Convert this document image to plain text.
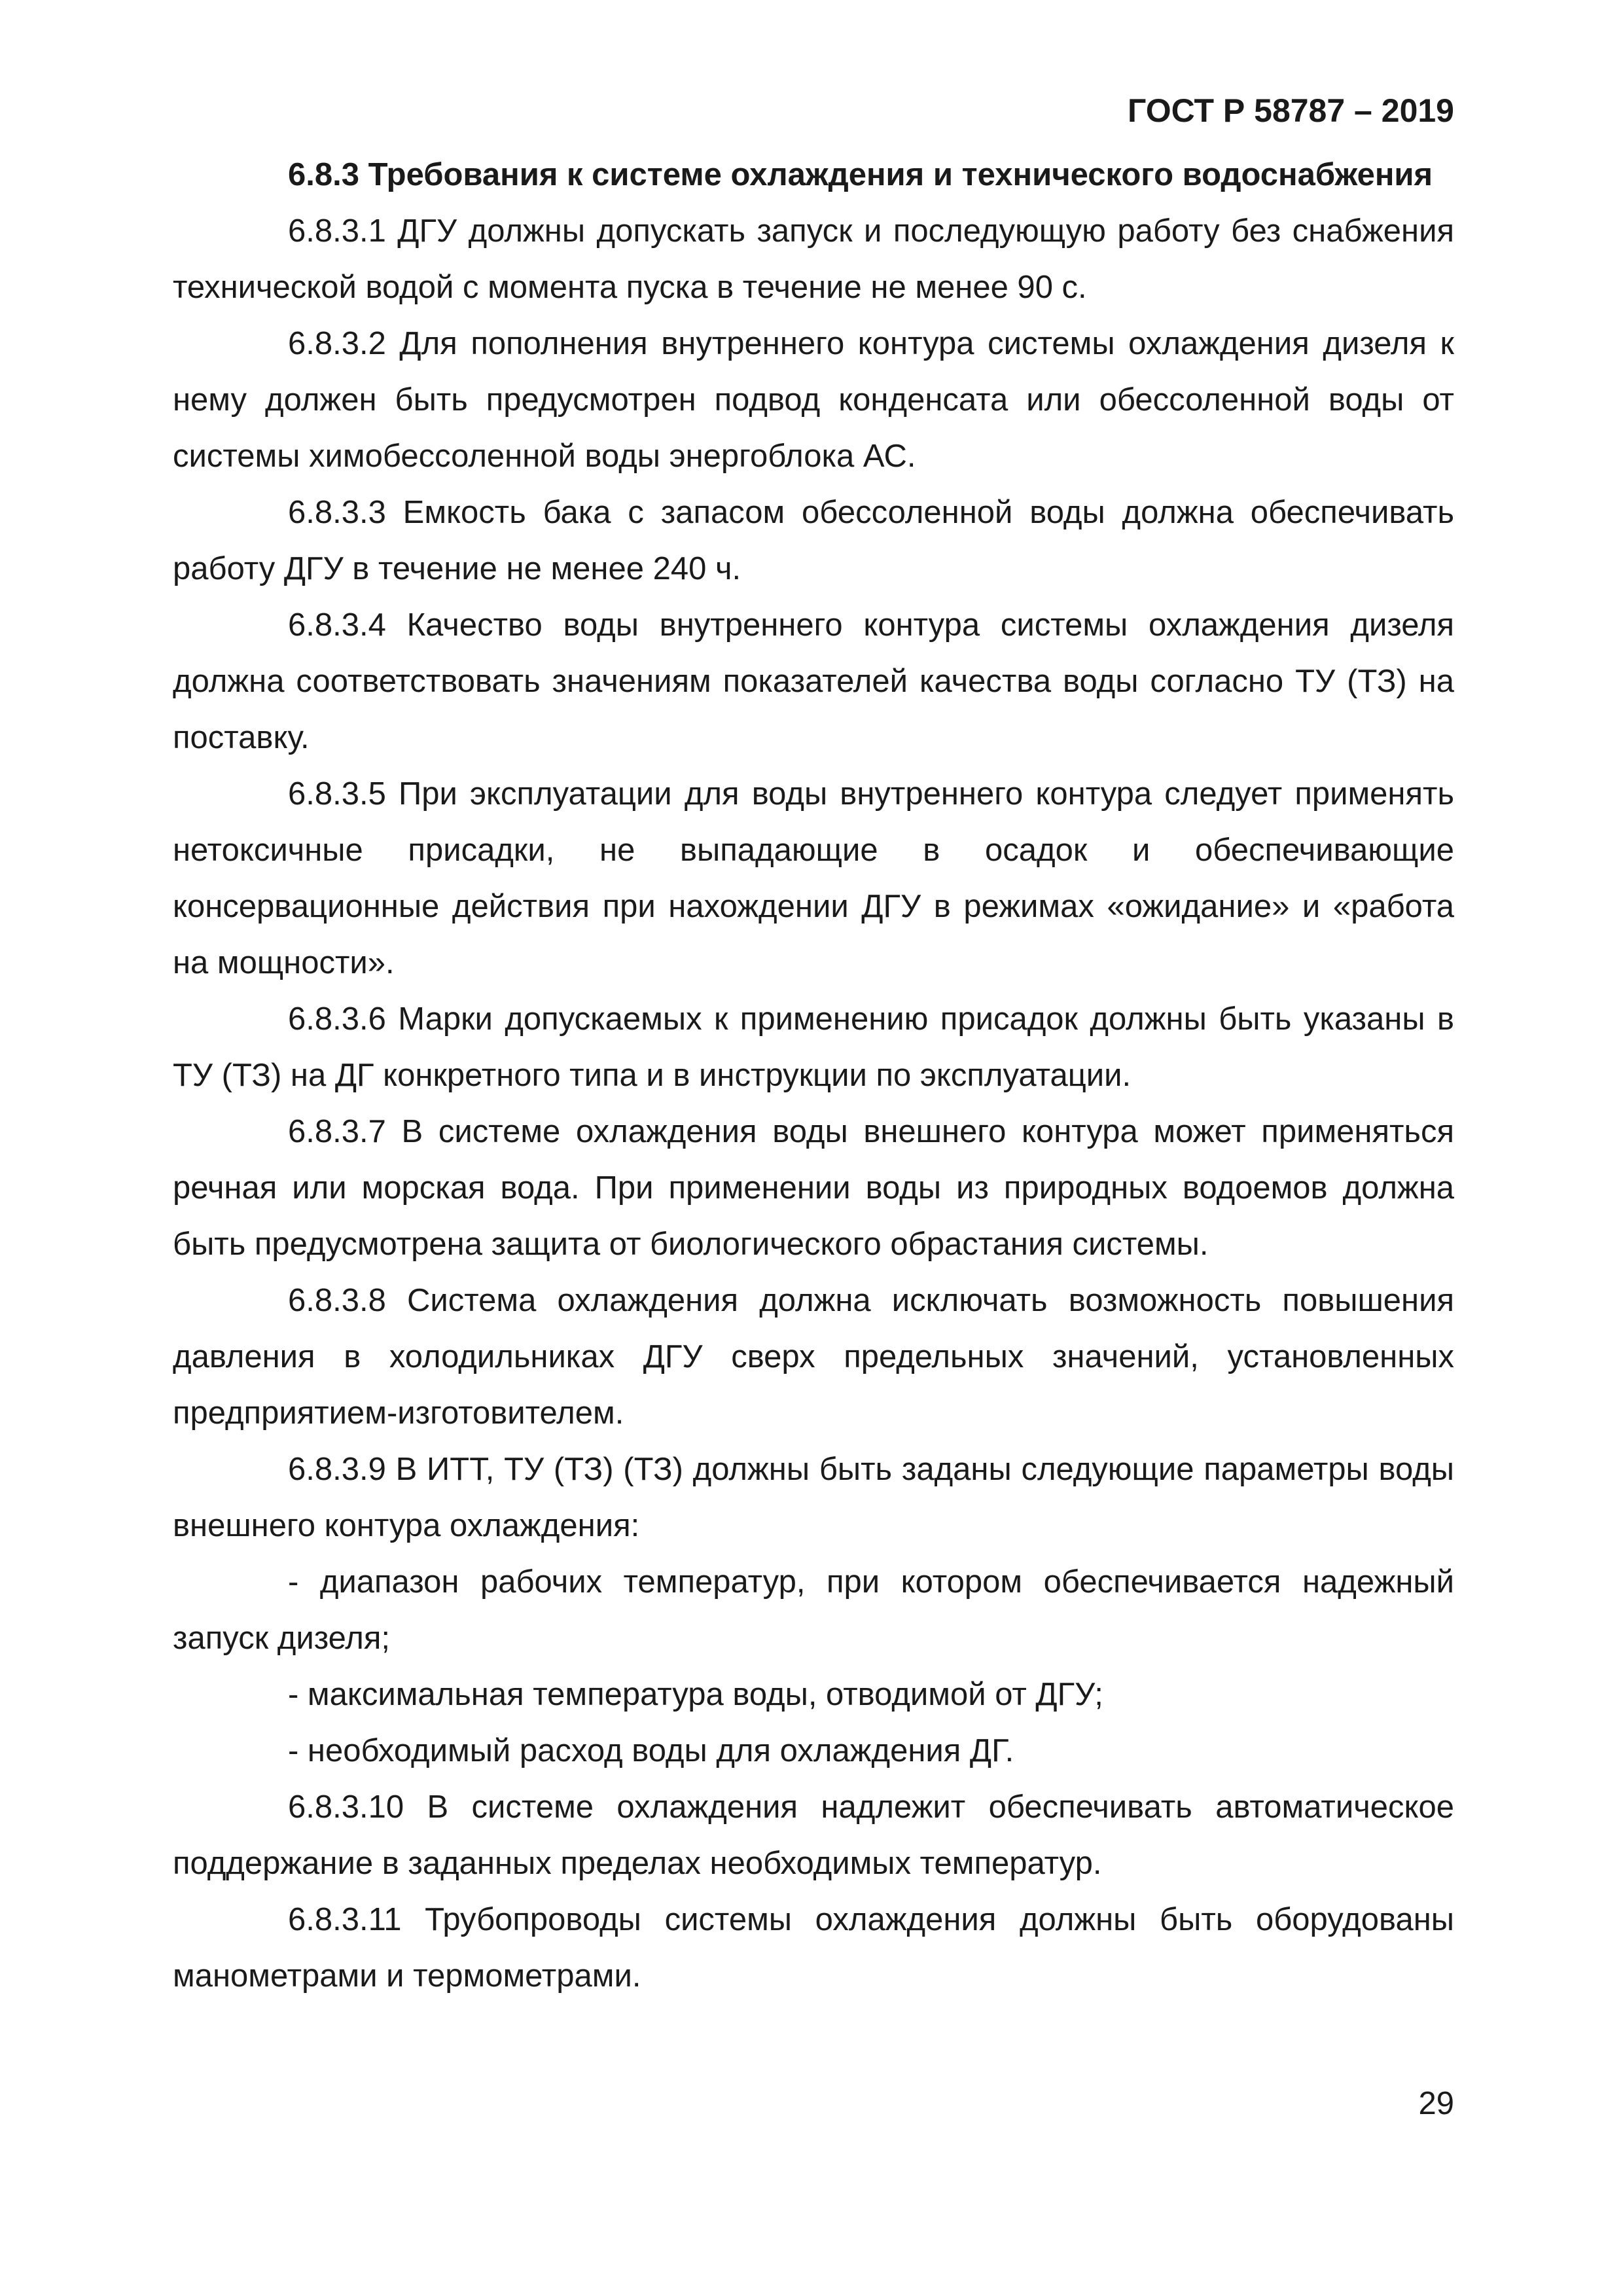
ГОСТ Р 58787 – 2019

6.8.3 Требования к системе охлаждения и технического водоснабжения

6.8.3.1 ДГУ должны допускать запуск и последующую работу без снабжения технической водой с момента пуска в течение не менее 90 с.

6.8.3.2 Для пополнения внутреннего контура системы охлаждения дизеля к нему должен быть предусмотрен подвод конденсата или обессоленной воды от системы химобессоленной воды энергоблока АС.

6.8.3.3 Емкость бака с запасом обессоленной воды должна обеспечивать работу ДГУ в течение не менее 240 ч.

6.8.3.4 Качество воды внутреннего контура системы охлаждения дизеля должна соответствовать значениям показателей качества воды согласно ТУ (ТЗ) на поставку.

6.8.3.5 При эксплуатации для воды внутреннего контура следует применять нетоксичные присадки, не выпадающие в осадок и обеспечивающие консервационные действия при нахождении ДГУ в режимах «ожидание» и «работа на мощности».

6.8.3.6 Марки допускаемых к применению присадок должны быть указаны в ТУ (ТЗ) на ДГ конкретного типа и в инструкции по эксплуатации.

6.8.3.7 В системе охлаждения воды внешнего контура может применяться речная или морская вода. При применении воды из природных водоемов должна быть предусмотрена защита от биологического обрастания системы.

6.8.3.8 Система охлаждения должна исключать возможность повышения давления в холодильниках ДГУ сверх предельных значений, установленных предприятием-изготовителем.

6.8.3.9 В ИТТ, ТУ (ТЗ) (ТЗ) должны быть заданы следующие параметры воды внешнего контура охлаждения:

- диапазон рабочих температур, при котором обеспечивается надежный запуск дизеля;

- максимальная температура воды, отводимой от ДГУ;

- необходимый расход воды для охлаждения ДГ.

6.8.3.10 В системе охлаждения надлежит обеспечивать автоматическое поддержание в заданных пределах необходимых температур.

6.8.3.11 Трубопроводы системы охлаждения должны быть оборудованы манометрами и термометрами.

29
